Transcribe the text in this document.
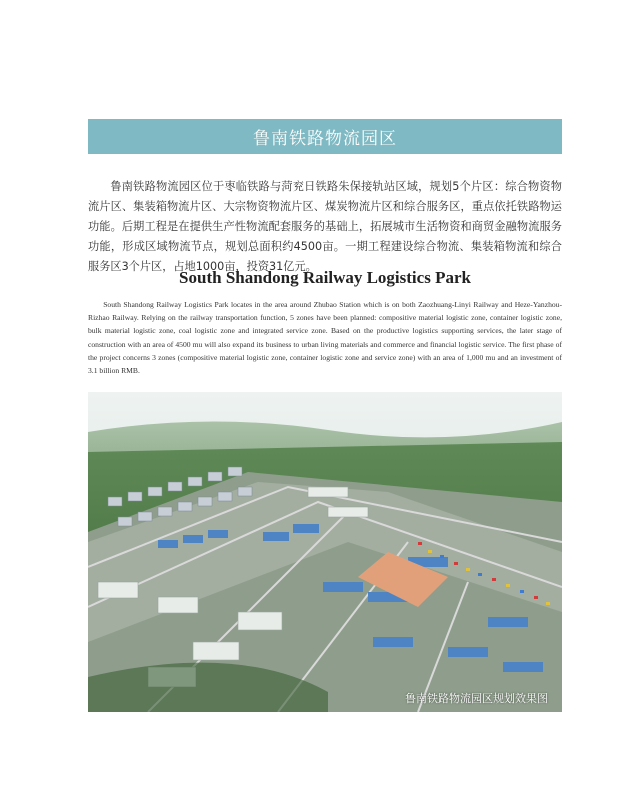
鲁南铁路物流园区

鲁南铁路物流园区位于枣临铁路与菏兖日铁路朱保接轨站区域，规划5个片区：综合物资物流片区、集装箱物流片区、大宗物资物流片区、煤炭物流片区和综合服务区，重点依托铁路物运功能。后期工程是在提供生产性物流配套服务的基础上，拓展城市生活物资和商贸金融物流服务功能，形成区域物流节点，规划总面积约4500亩。一期工程建设综合物流、集装箱物流和综合服务区3个片区，占地1000亩，投资31亿元。

South Shandong Railway Logistics Park

South Shandong Railway Logistics Park locates in the area around Zhubao Station which is on both Zaozhuang-Linyi Railway and Heze-Yanzhou-Rizhao Railway. Relying on the railway transportation function, 5 zones have been planned: compositive material logistic zone, container logistic zone, bulk material logistic zone, coal logistic zone and integrated service zone. Based on the productive logistics supporting services, the later stage of construction with an area of 4500 mu will also expand its business to urban living materials and commerce and financial logistic service. The first phase of the project concerns 3 zones (compositive material logistic zone, container logistic zone and service zone) with an area of 1,000 mu and an investment of 3.1 billion RMB.

鲁南铁路物流园区规划效果图
